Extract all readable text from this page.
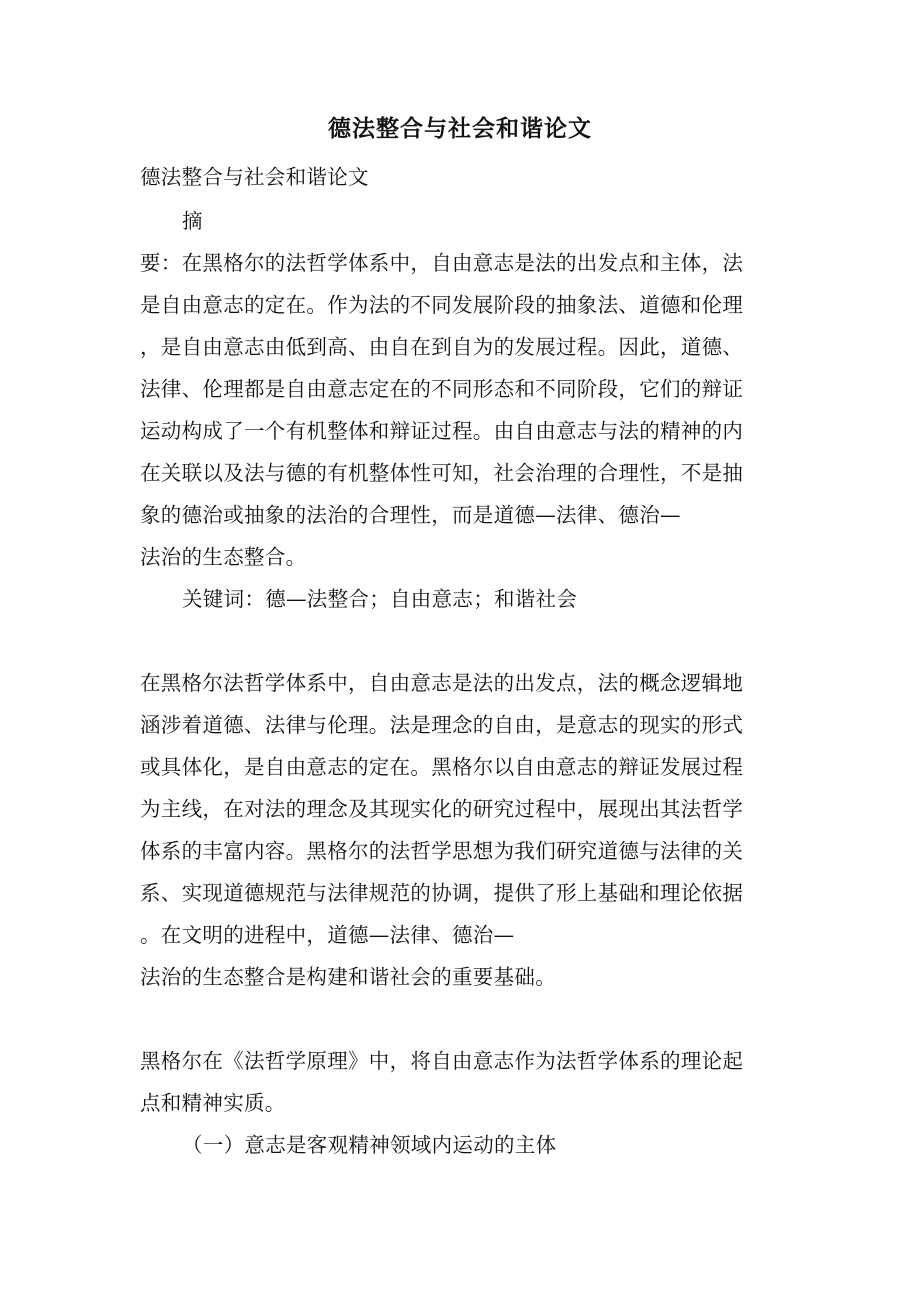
德法整合与社会和谐论文
德法整合与社会和谐论文
摘
要：在黑格尔的法哲学体系中，自由意志是法的出发点和主体，法
是自由意志的定在。作为法的不同发展阶段的抽象法、道德和伦理
，是自由意志由低到高、由自在到自为的发展过程。因此，道德、
法律、伦理都是自由意志定在的不同形态和不同阶段，它们的辩证
运动构成了一个有机整体和辩证过程。由自由意志与法的精神的内
在关联以及法与德的有机整体性可知，社会治理的合理性，不是抽
象的德治或抽象的法治的合理性，而是道德—法律、德治—
法治的生态整合。
关键词：德—法整合；自由意志；和谐社会
在黑格尔法哲学体系中，自由意志是法的出发点，法的概念逻辑地
涵涉着道德、法律与伦理。法是理念的自由，是意志的现实的形式
或具体化，是自由意志的定在。黑格尔以自由意志的辩证发展过程
为主线，在对法的理念及其现实化的研究过程中，展现出其法哲学
体系的丰富内容。黑格尔的法哲学思想为我们研究道德与法律的关
系、实现道德规范与法律规范的协调，提供了形上基础和理论依据
。在文明的进程中，道德—法律、德治—
法治的生态整合是构建和谐社会的重要基础。
黑格尔在《法哲学原理》中，将自由意志作为法哲学体系的理论起
点和精神实质。
（一）意志是客观精神领域内运动的主体
